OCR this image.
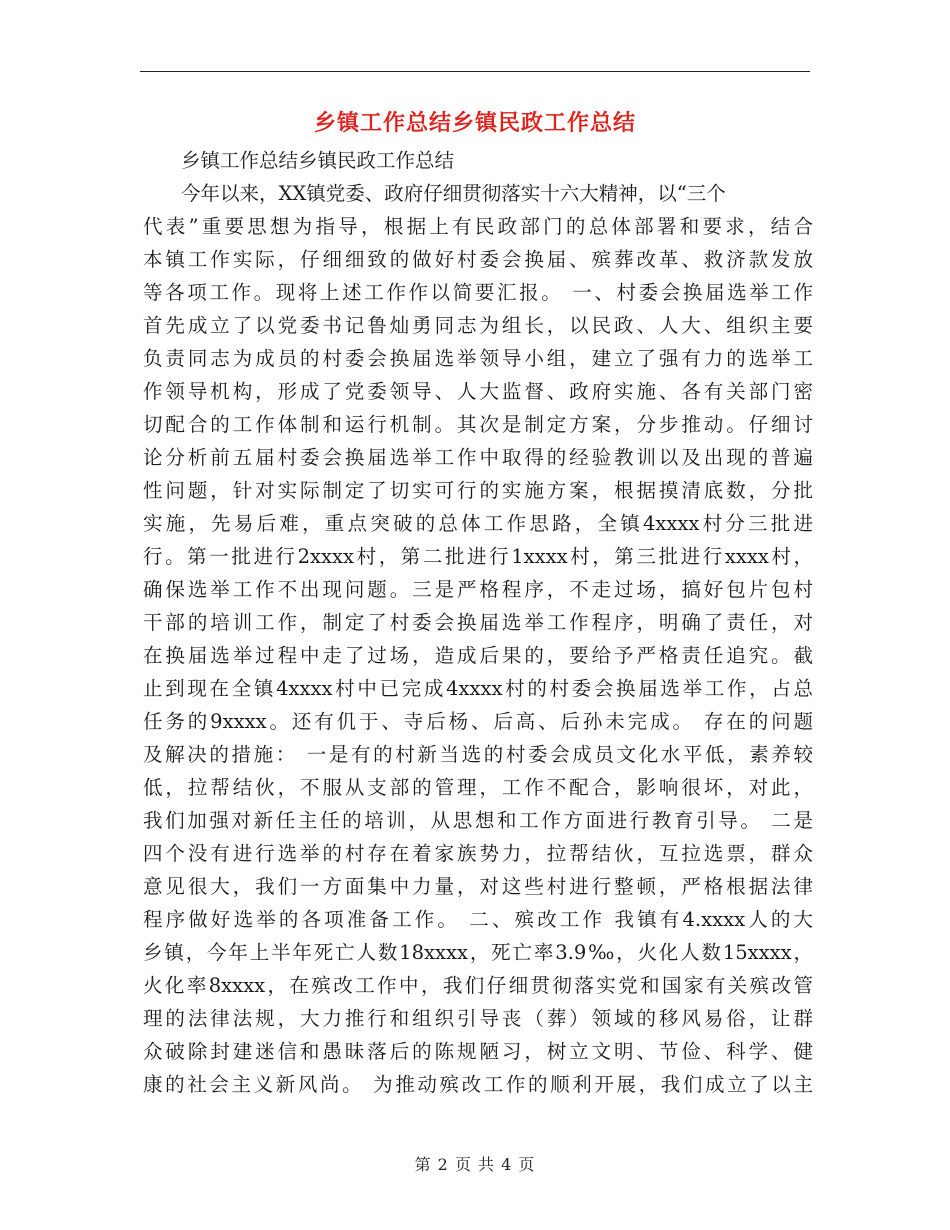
乡镇工作总结乡镇民政工作总结
乡镇工作总结乡镇民政工作总结
今年以来，XX镇党委、政府仔细贯彻落实十六大精神，以“三个
代表”重要思想为指导，根据上有民政部门的总体部署和要求，结合
本镇工作实际，仔细细致的做好村委会换届、殡葬改革、救济款发放
等各项工作。现将上述工作作以简要汇报。 一、村委会换届选举工作
首先成立了以党委书记鲁灿勇同志为组长，以民政、人大、组织主要
负责同志为成员的村委会换届选举领导小组，建立了强有力的选举工
作领导机构，形成了党委领导、人大监督、政府实施、各有关部门密
切配合的工作体制和运行机制。其次是制定方案，分步推动。仔细讨
论分析前五届村委会换届选举工作中取得的经验教训以及出现的普遍
性问题，针对实际制定了切实可行的实施方案，根据摸清底数，分批
实施，先易后难，重点突破的总体工作思路，全镇4xxxx村分三批进
行。第一批进行2xxxx村，第二批进行1xxxx村，第三批进行xxxx村，
确保选举工作不出现问题。三是严格程序，不走过场，搞好包片包村
干部的培训工作，制定了村委会换届选举工作程序，明确了责任，对
在换届选举过程中走了过场，造成后果的，要给予严格责任追究。截
止到现在全镇4xxxx村中已完成4xxxx村的村委会换届选举工作，占总
任务的9xxxx。还有仉于、寺后杨、后高、后孙未完成。 存在的问题
及解决的措施： 一是有的村新当选的村委会成员文化水平低，素养较
低，拉帮结伙，不服从支部的管理，工作不配合，影响很坏，对此，
我们加强对新任主任的培训，从思想和工作方面进行教育引导。 二是
四个没有进行选举的村存在着家族势力，拉帮结伙，互拉选票，群众
意见很大，我们一方面集中力量，对这些村进行整顿，严格根据法律
程序做好选举的各项准备工作。 二、殡改工作 我镇有4.xxxx人的大
乡镇，今年上半年死亡人数18xxxx，死亡率3.9‰，火化人数15xxxx，
火化率8xxxx，在殡改工作中，我们仔细贯彻落实党和国家有关殡改管
理的法律法规，大力推行和组织引导丧（葬）领域的移风易俗，让群
众破除封建迷信和愚昧落后的陈规陋习，树立文明、节俭、科学、健
康的社会主义新风尚。 为推动殡改工作的顺利开展，我们成立了以主
第 2 页 共 4 页
